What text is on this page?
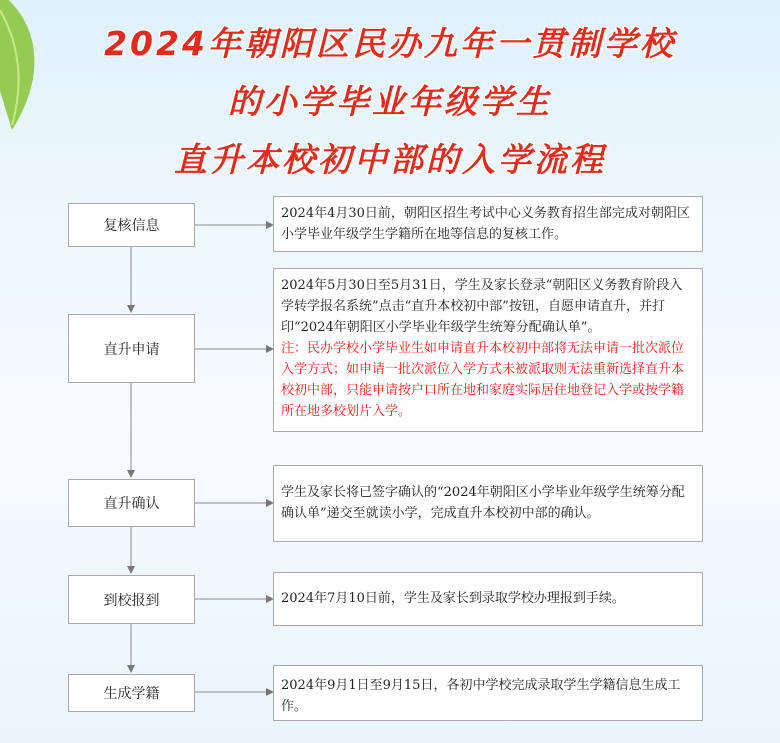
2024年朝阳区民办九年一贯制学校
的小学毕业年级学生
直升本校初中部的入学流程
复核信息
直升申请
直升确认
到校报到
生成学籍
2024年4月30日前，朝阳区招生考试中心义务教育招生部完成对朝阳区小学毕业年级学生学籍所在地等信息的复核工作。
2024年5月30日至5月31日，学生及家长登录“朝阳区义务教育阶段入学转学报名系统”点击“直升本校初中部”按钮，自愿申请直升，并打印“2024年朝阳区小学毕业年级学生统筹分配确认单”。
注：民办学校小学毕业生如申请直升本校初中部将无法申请一批次派位入学方式；如申请一批次派位入学方式未被派取则无法重新选择直升本校初中部，只能申请按户口所在地和家庭实际居住地登记入学或按学籍所在地多校划片入学。
学生及家长将已签字确认的“2024年朝阳区小学毕业年级学生统筹分配确认单”递交至就读小学，完成直升本校初中部的确认。
2024年7月10日前，学生及家长到录取学校办理报到手续。
2024年9月1日至9月15日，各初中学校完成录取学生学籍信息生成工作。
